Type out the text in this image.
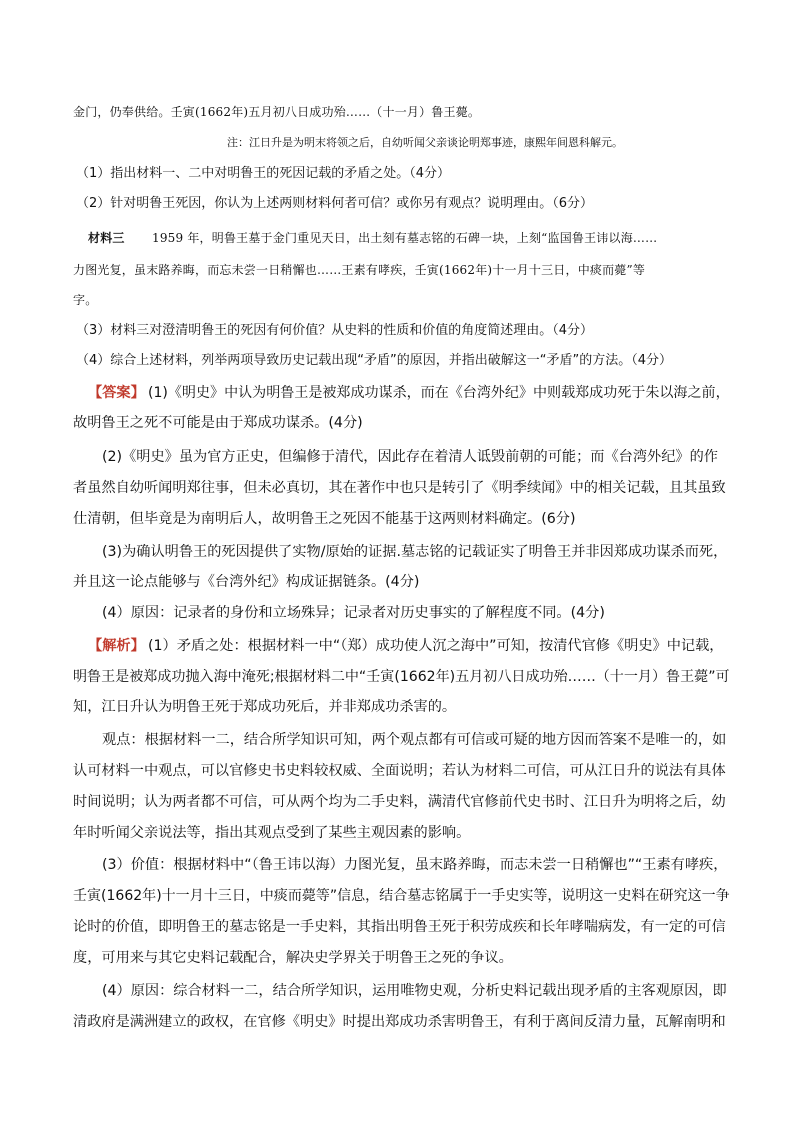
金门，仍奉供给。壬寅(1662年)五月初八日成功殆……（十一月）鲁王薨。
注：江日升是为明末将领之后，自幼听闻父亲谈论明郑事迹，康熙年间恩科解元。
（1）指出材料一、二中对明鲁王的死因记载的矛盾之处。（4分）
（2）针对明鲁王死因，你认为上述两则材料何者可信？或你另有观点？说明理由。（6分）
材料三 1959 年，明鲁王墓于金门重见天日，出土刻有墓志铭的石碑一块，上刻“监国鲁王讳以海……
力图光复，虽末路养晦，而忘未尝一日稍懈也……王素有哮疾，壬寅(1662年)十一月十三日，中痰而薨”等
字。
（3）材料三对澄清明鲁王的死因有何价值？从史料的性质和价值的角度简述理由。（4分）
（4）综合上述材料，列举两项导致历史记载出现“矛盾”的原因，并指出破解这一“矛盾”的方法。（4分）
【答案】 (1)《明史》中认为明鲁王是被郑成功谋杀，而在《台湾外纪》中则载郑成功死于朱以海之前，
故明鲁王之死不可能是由于郑成功谋杀。(4分)
(2)《明史》虽为官方正史，但编修于清代，因此存在着清人诋毁前朝的可能；而《台湾外纪》的作
者虽然自幼听闻明郑往事，但未必真切，其在著作中也只是转引了《明季续闻》中的相关记载，且其虽致
仕清朝，但毕竟是为南明后人，故明鲁王之死因不能基于这两则材料确定。(6分)
(3)为确认明鲁王的死因提供了实物/原始的证据.墓志铭的记载证实了明鲁王并非因郑成功谋杀而死，
并且这一论点能够与《台湾外纪》构成证据链条。(4分)
(4）原因：记录者的身份和立场殊异；记录者对历史事实的了解程度不同。(4分)
【解析】 (1）矛盾之处：根据材料一中“（郑）成功使人沉之海中”可知，按清代官修《明史》中记载，
明鲁王是被郑成功抛入海中淹死;根据材料二中“壬寅(1662年)五月初八日成功殆……（十一月）鲁王薨”可
知，江日升认为明鲁王死于郑成功死后，并非郑成功杀害的。
观点：根据材料一二，结合所学知识可知，两个观点都有可信或可疑的地方因而答案不是唯一的，如
认可材料一中观点，可以官修史书史料较权威、全面说明；若认为材料二可信，可从江日升的说法有具体
时间说明；认为两者都不可信，可从两个均为二手史料，满清代官修前代史书时、江日升为明将之后，幼
年时听闻父亲说法等，指出其观点受到了某些主观因素的影响。
(3）价值：根据材料中“（鲁王讳以海）力图光复，虽末路养晦，而志未尝一日稍懈也”“王素有哮疾，
壬寅(1662年)十一月十三日，中痰而薨等”信息，结合墓志铭属于一手史实等，说明这一史料在研究这一争
论时的价值，即明鲁王的墓志铭是一手史料，其指出明鲁王死于积劳成疾和长年哮喘病发，有一定的可信
度，可用来与其它史料记载配合，解决史学界关于明鲁王之死的争议。
(4）原因：综合材料一二，结合所学知识，运用唯物史观，分析史料记载出现矛盾的主客观原因，即
清政府是满洲建立的政权，在官修《明史》时提出郑成功杀害明鲁王，有利于离间反清力量，瓦解南明和
